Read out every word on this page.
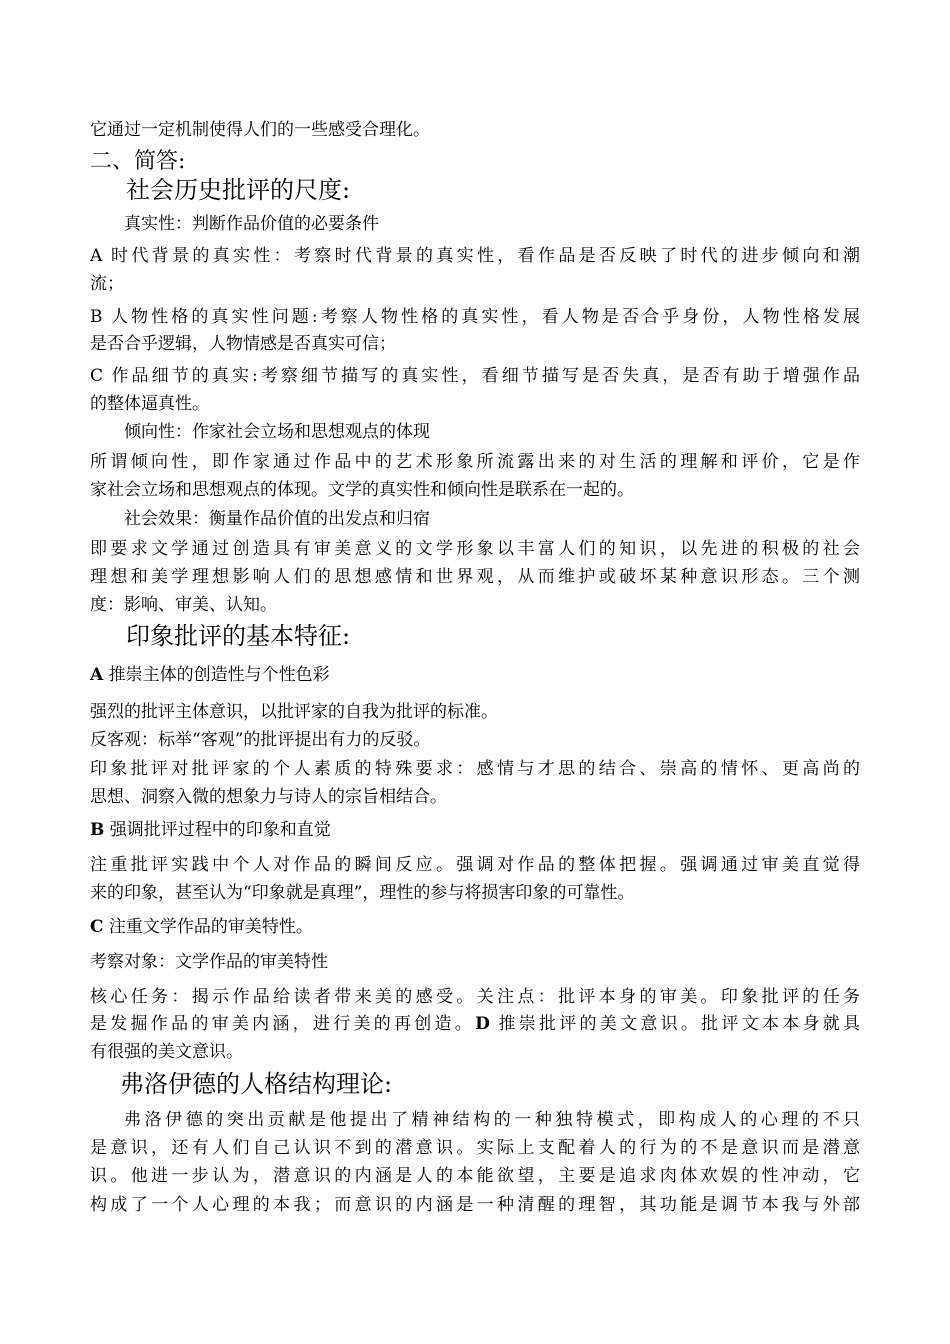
它通过一定机制使得人们的一些感受合理化。
二、简答:
社会历史批评的尺度:
真实性：判断作品价值的必要条件
A 时代背景的真实性：考察时代背景的真实性，看作品是否反映了时代的进步倾向和潮
流；
B 人物性格的真实性问题:考察人物性格的真实性，看人物是否合乎身份，人物性格发展
是否合乎逻辑，人物情感是否真实可信；
C 作品细节的真实:考察细节描写的真实性，看细节描写是否失真，是否有助于增强作品
的整体逼真性。
倾向性：作家社会立场和思想观点的体现
所谓倾向性，即作家通过作品中的艺术形象所流露出来的对生活的理解和评价，它是作
家社会立场和思想观点的体现。文学的真实性和倾向性是联系在一起的。
社会效果：衡量作品价值的出发点和归宿
即要求文学通过创造具有审美意义的文学形象以丰富人们的知识，以先进的积极的社会
理想和美学理想影响人们的思想感情和世界观，从而维护或破坏某种意识形态。三个测
度：影响、审美、认知。
印象批评的基本特征:
A 推崇主体的创造性与个性色彩
强烈的批评主体意识，以批评家的自我为批评的标准。
反客观：标举“客观”的批评提出有力的反驳。
印象批评对批评家的个人素质的特殊要求：感情与才思的结合、崇高的情怀、更高尚的
思想、洞察入微的想象力与诗人的宗旨相结合。
B 强调批评过程中的印象和直觉
注重批评实践中个人对作品的瞬间反应。强调对作品的整体把握。强调通过审美直觉得
来的印象，甚至认为“印象就是真理”，理性的参与将损害印象的可靠性。
C 注重文学作品的审美特性。
考察对象：文学作品的审美特性
核心任务：揭示作品给读者带来美的感受。关注点：批评本身的审美。印象批评的任务
是发掘作品的审美内涵，进行美的再创造。D 推崇批评的美文意识。批评文本本身就具
有很强的美文意识。
弗洛伊德的人格结构理论:
弗洛伊德的突出贡献是他提出了精神结构的一种独特模式，即构成人的心理的不只
是意识，还有人们自己认识不到的潜意识。实际上支配着人的行为的不是意识而是潜意
识。他进一步认为，潜意识的内涵是人的本能欲望，主要是追求肉体欢娱的性冲动，它
构成了一个人心理的本我；而意识的内涵是一种清醒的理智，其功能是调节本我与外部
